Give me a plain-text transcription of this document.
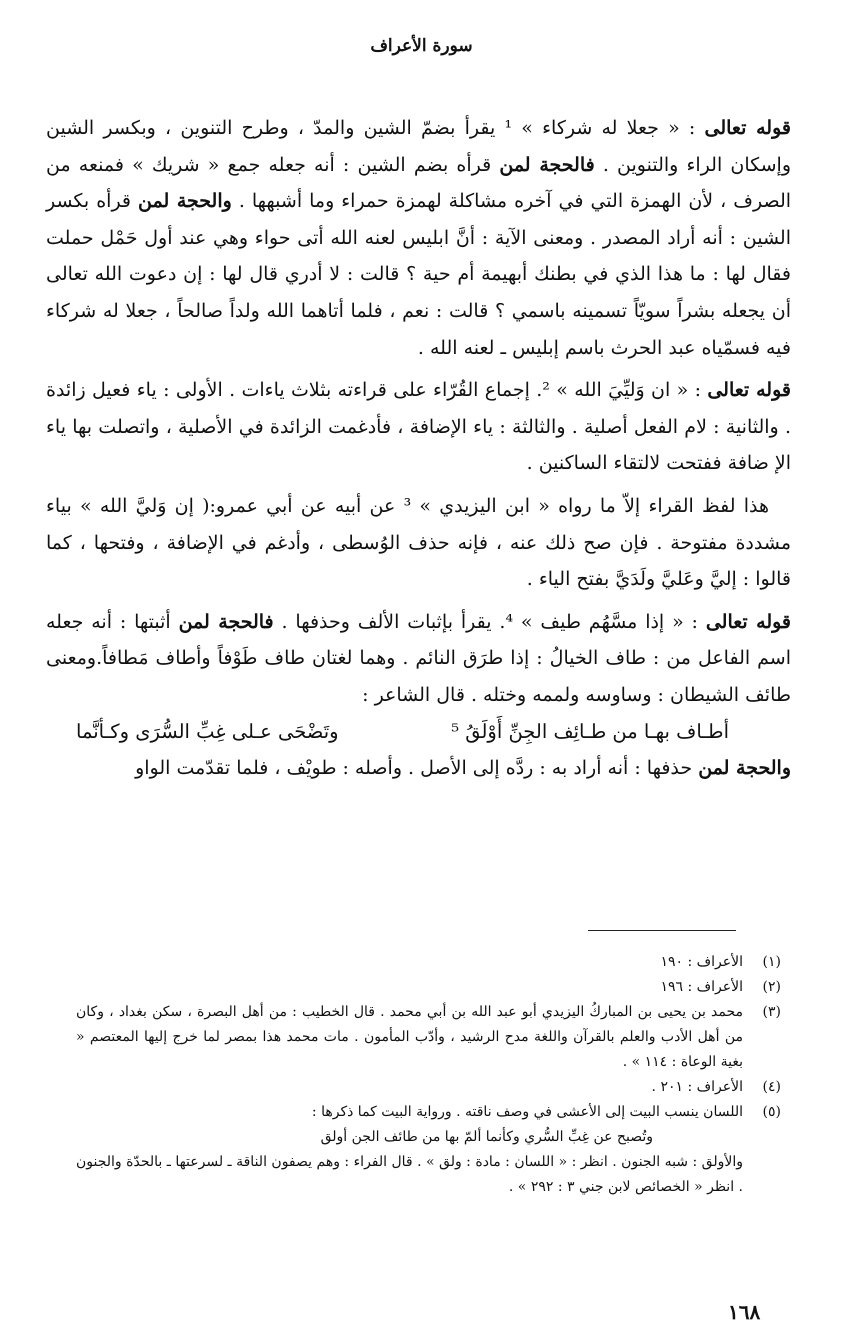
سورة الأعراف

قوله تعالى : « جعلا له شركاء » ¹ يقرأ بضمّ الشين والمدّ ، وطرح التنوين ، وبكسر الشين وإسكان الراء والتنوين . فالحجة لمن قرأه بضم الشين : أنه جعله جمع « شريك » فمنعه من الصرف ، لأن الهمزة التي في آخره مشاكلة لهمزة حمراء وما أشبهها . والحجة لمن قرأه بكسر الشين : أنه أراد المصدر . ومعنى الآية : أنَّ ابليس لعنه الله أتى حواء وهي عند أول حَمْل حملت فقال لها : ما هذا الذي في بطنك أبهيمة أم حية ؟ قالت : لا أدري قال لها : إن دعوت الله تعالى أن يجعله بشراً سويّاً تسمينه باسمي ؟ قالت : نعم ، فلما أتاهما الله ولداً صالحاً ، جعلا له شركاء فيه فسمّياه عبد الحرث باسم إبليس ـ لعنه الله .

قوله تعالى : « ان وَليِّيَ الله » ². إجماع القُرّاء على قراءته بثلاث ياءات . الأولى : ياء فعيل زائدة . والثانية : لام الفعل أصلية . والثالثة : ياء الإضافة ، فأدغمت الزائدة في الأصلية ، واتصلت بها ياء الإ ضافة ففتحت لالتقاء الساكنين .

هذا لفظ القراء إلاّ ما رواه « ابن اليزيدي » ³ عن أبيه عن أبي عمرو:( إن وَليَّ الله » بياء مشددة مفتوحة . فإن صح ذلك عنه ، فإنه حذف الوُسطى ، وأدغم في الإضافة ، وفتحها ، كما قالوا : إليَّ وعَليَّ ولَدَيَّ بفتح الياء .

قوله تعالى : « إذا مسَّهُم طيف » ⁴. يقرأ بإثبات الألف وحذفها . فالحجة لمن أثبتها : أنه جعله اسم الفاعل من : طاف الخيالُ : إذا طرَق النائم . وهما لغتان طاف طَوْفاً وأطاف مَطافاً.ومعنى طائف الشيطان : وساوسه ولممه وختله . قال الشاعر :

أطـاف بهـا من طـائِف الجِنِّ أَوْلَقُ ⁵
وتَضْحَى عـلى غِبِّ السُّرَى وكـأنَّما

والحجة لمن حذفها : أنه أراد به : ردَّه إلى الأصل . وأصله : طويْف ، فلما تقدّمت الواو

(١)
الأعراف : ١٩٠
(٢)
الأعراف : ١٩٦
(٣)
محمد بن يحيى بن المباركُ اليزيدي أبو عبد الله بن أبي محمد . قال الخطيب : من أهل البصرة ، سكن بغداد ، وكان من أهل الأدب والعلم بالقرآن واللغة مدح الرشيد ، وأدّب المأمون . مات محمد هذا بمصر لما خرج إليها المعتصم « بغية الوعاة : ١١٤ » .
(٤)
الأعراف : ٢٠١ .
(٥)
اللسان ينسب البيت إلى الأعشى في وصف ناقته . ورواية البيت كما ذكرها :
وتُصبح عن غِبِّ السُّري وكأنما ألمّ بها من طائف الجن أولق
والأولق : شبه الجنون . انظر : « اللسان : مادة : ولق » . قال الفراء : وهم يصفون الناقة ـ لسرعتها ـ بالحدّة والجنون . انظر « الخصائص لابن جني ٣ : ٢٩٢ » .
١٦٨
